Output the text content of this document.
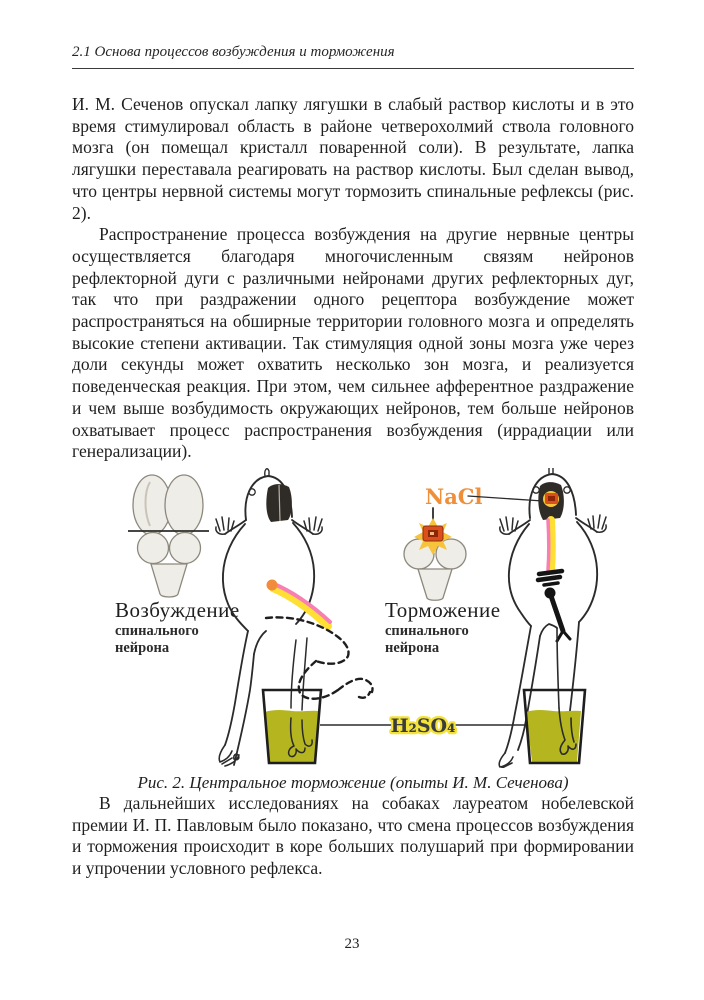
2.1 Основа процессов возбуждения и торможения

И. М. Сеченов опускал лапку лягушки в слабый раствор кислоты и в это время стимулировал область в районе четверохолмий ствола головного мозга (он помещал кристалл поваренной соли). В результате, лапка лягушки переставала реагировать на раствор кислоты. Был сделан вывод, что центры нервной системы могут тормозить спинальные рефлексы (рис. 2).

Распространение процесса возбуждения на другие нервные центры осуществляется благодаря многочисленным связям нейронов рефлекторной дуги с различными нейронами других рефлекторных дуг, так что при раздражении одного рецептора возбуждение может распространяться на обширные территории головного мозга и определять высокие степени активации. Так стимуляция одной зоны мозга уже через доли секунды может охватить несколько зон мозга, и реализуется поведенческая реакция. При этом, чем сильнее афферентное раздражение и чем выше возбудимость окружающих нейронов, тем больше нейронов охватывает процесс распространения возбуждения (иррадиации или генерализации).

Возбуждение
спинального
нейрона
H₂SO₄
NaCl
Торможение
спинального
нейрона
Рис. 2. Центральное торможение (опыты И. М. Сеченова)

В дальнейших исследованиях на собаках лауреатом нобелевской премии И. П. Павловым было показано, что смена процессов возбуждения и торможения происходит в коре больших полушарий при формировании и упрочении условного рефлекса.

23
